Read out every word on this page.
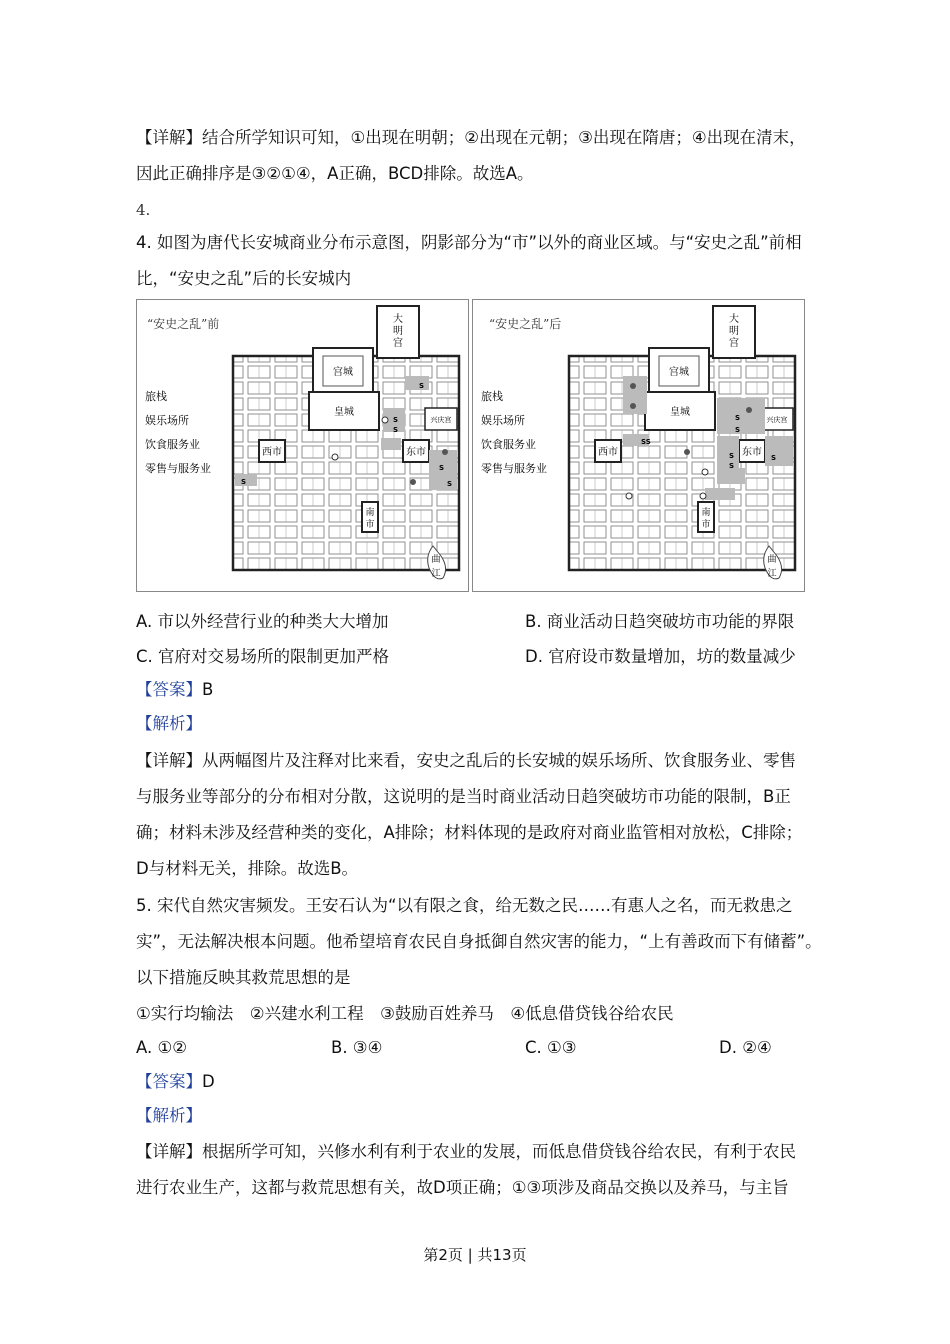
【详解】结合所学知识可知，①出现在明朝；②出现在元朝；③出现在隋唐；④出现在清末，
因此正确排序是③②①④，A正确，BCD排除。故选A。
4.
4. 如图为唐代长安城商业分布示意图，阴影部分为“市”以外的商业区域。与“安史之乱”前相
比，“安史之乱”后的长安城内
“安史之乱”前	大
明
宫
宫城
皇城
西市	东市
南
市
兴庆宫
曲
江
S
S
S
S
S
S
旅栈
娱乐场所
饮食服务业
零售与服务业
“安史之乱”后	大
明
宫
宫城
皇城
西市	东市
南
市
兴庆宫
曲
江
S
S
S
S
SS
S
旅栈
娱乐场所
饮食服务业
零售与服务业
A. 市以外经营行业的种类大大增加	B. 商业活动日趋突破坊市功能的界限
C. 官府对交易场所的限制更加严格	D. 官府设市数量增加，坊的数量减少
【答案】B
【解析】
【详解】从两幅图片及注释对比来看，安史之乱后的长安城的娱乐场所、饮食服务业、零售
与服务业等部分的分布相对分散，这说明的是当时商业活动日趋突破坊市功能的限制，B正
确；材料未涉及经营种类的变化，A排除；材料体现的是政府对商业监管相对放松，C排除；
D与材料无关，排除。故选B。
5. 宋代自然灾害频发。王安石认为“以有限之食，给无数之民……有惠人之名，而无救患之
实”，无法解决根本问题。他希望培育农民自身抵御自然灾害的能力，“上有善政而下有储蓄”。
以下措施反映其救荒思想的是
①实行均输法　②兴建水利工程　③鼓励百姓养马　④低息借贷钱谷给农民
A. ①②	B. ③④	C. ①③	D. ②④
【答案】D
【解析】
【详解】根据所学可知，兴修水利有利于农业的发展，而低息借贷钱谷给农民，有利于农民
进行农业生产，这都与救荒思想有关，故D项正确；①③项涉及商品交换以及养马，与主旨
第2页 | 共13页
